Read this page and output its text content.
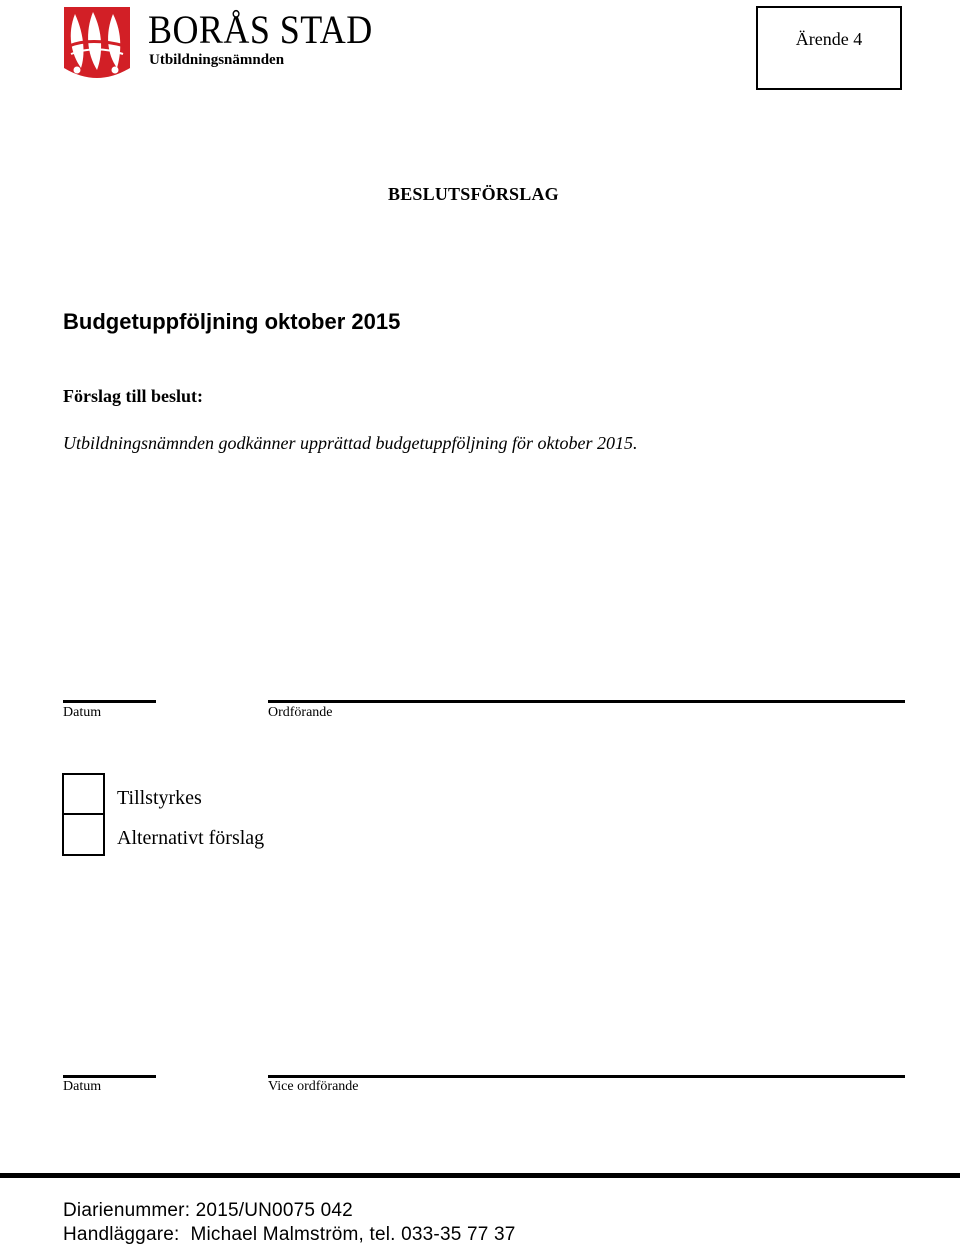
BORÅS STAD
Utbildningsnämnden
Ärende 4
BESLUTSFÖRSLAG
Budgetuppföljning oktober 2015
Förslag till beslut:
Utbildningsnämnden godkänner upprättad budgetuppföljning för oktober 2015.
Datum	Ordförande
Tillstyrkes
Alternativt förslag
Datum	Vice ordförande
Diarienummer: 2015/UN0075 042
Handläggare:  Michael Malmström, tel. 033-35 77 37
